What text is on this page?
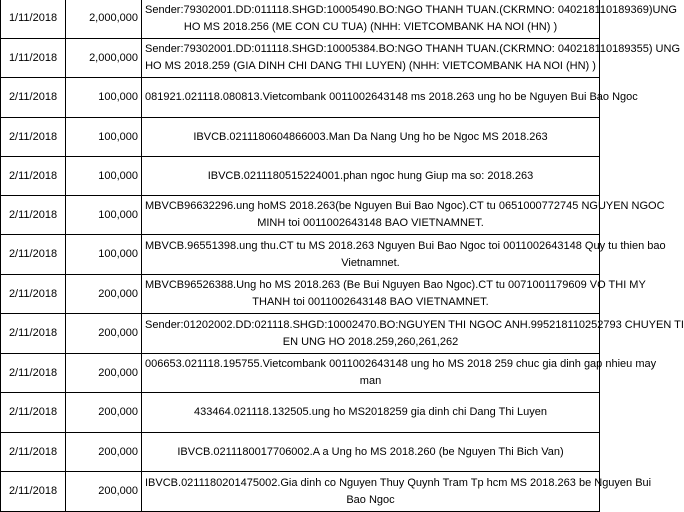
1/11/2018	2,000,000	Sender:79302001.DD:011118.SHGD:10005490.BO:NGO THANH TUAN.(CKRMNO: 040218110189369)UNG
HO MS 2018.256 (ME CON CU TUA) (NHH: VIETCOMBANK HA NOI (HN) )

1/11/2018	2,000,000	Sender:79302001.DD:011118.SHGD:10005384.BO:NGO THANH TUAN.(CKRMNO: 040218110189355) UNG
HO MS 2018.259 (GIA DINH CHI DANG THI LUYEN) (NHH: VIETCOMBANK HA NOI (HN) )

2/11/2018	100,000	081921.021118.080813.Vietcombank 0011002643148 ms 2018.263 ung ho be Nguyen Bui Bao Ngoc

2/11/2018	100,000	IBVCB.0211180604866003.Man Da Nang Ung ho be Ngoc MS 2018.263

2/11/2018	100,000	IBVCB.0211180515224001.phan ngoc hung Giup ma so: 2018.263

2/11/2018	100,000	MBVCB96632296.ung hoMS 2018.263(be Nguyen Bui Bao Ngoc).CT tu 0651000772745 NGUYEN NGOC
MINH toi 0011002643148 BAO VIETNAMNET.

2/11/2018	100,000	MBVCB.96551398.ung thu.CT tu MS 2018.263 Nguyen Bui Bao Ngoc toi 0011002643148 Quy tu thien bao
Vietnamnet.

2/11/2018	200,000	MBVCB96526388.Ung ho MS 2018.263 (Be Bui Nguyen Bao Ngoc).CT tu 0071001179609 VO THI MY
THANH toi 0011002643148 BAO VIETNAMNET.

2/11/2018	200,000	Sender:01202002.DD:021118.SHGD:10002470.BO:NGUYEN THI NGOC ANH.995218110252793 CHUYEN TI
EN UNG HO 2018.259,260,261,262

2/11/2018	200,000	006653.021118.195755.Vietcombank 0011002643148 ung ho MS 2018 259 chuc gia dinh gap nhieu may
man

2/11/2018	200,000	433464.021118.132505.ung ho MS2018259 gia dinh chi Dang Thi Luyen

2/11/2018	200,000	IBVCB.0211180017706002.A a Ung ho MS 2018.260 (be Nguyen Thi Bich Van)

2/11/2018	200,000	IBVCB.0211180201475002.Gia dinh co Nguyen Thuy Quynh Tram Tp hcm MS 2018.263 be Nguyen Bui
Bao Ngoc
